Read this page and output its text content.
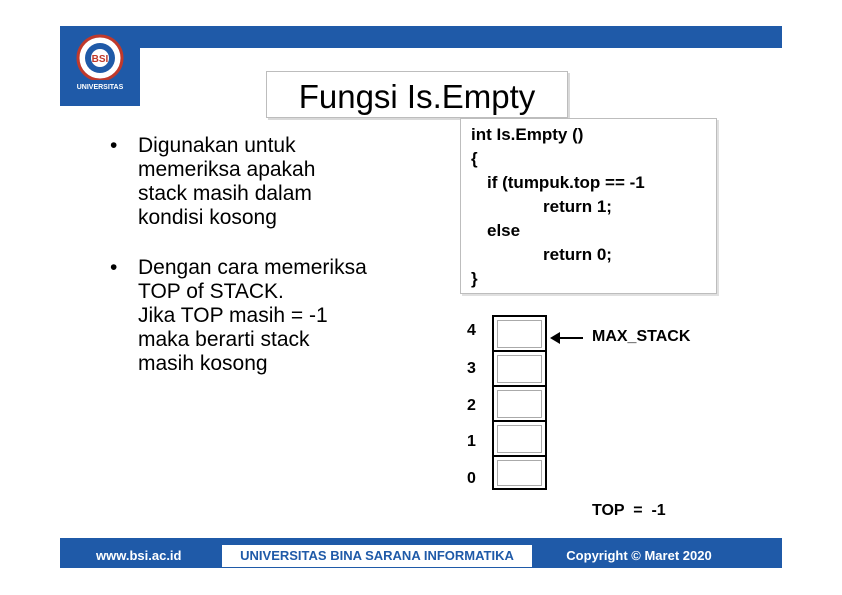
BSI
UNIVERSITAS	Fungsi Is.Empty
• Digunakan untuk
memeriksa apakah
stack masih dalam
kondisi kosong
• Dengan cara memeriksa
TOP of STACK.
Jika TOP masih = -1
maka berarti stack
masih kosong
int Is.Empty ()
{
if (tumpuk.top == -1
return 1;
else
return 0;
}
4
3
2
1
0
MAX_STACK
TOP  =  -1
www.bsi.ac.id	UNIVERSITAS BINA SARANA INFORMATIKA	Copyright © Maret 2020
